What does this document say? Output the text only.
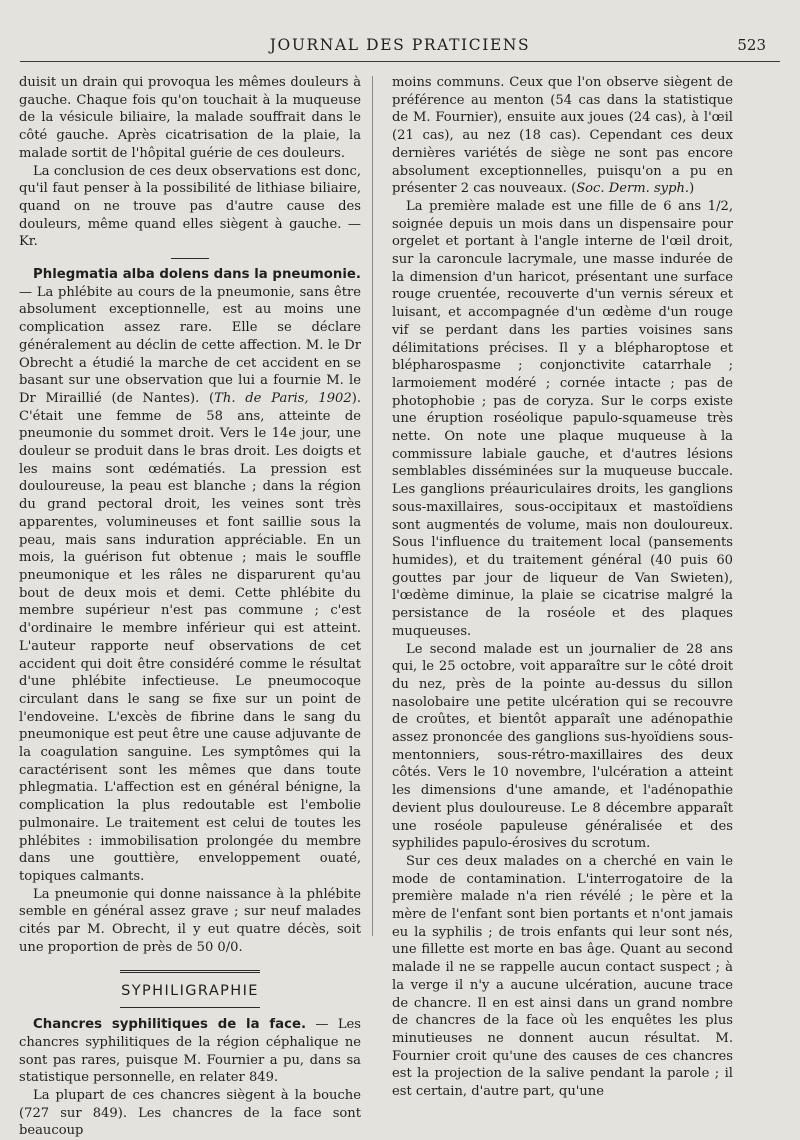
JOURNAL DES PRATICIENS	523

duisit un drain qui provoqua les mêmes douleurs à gauche. Chaque fois qu'on touchait à la muqueuse de la vésicule biliaire, la malade souffrait dans le côté gauche. Après cicatrisation de la plaie, la malade sortit de l'hôpital guérie de ces douleurs.

La conclusion de ces deux observations est donc, qu'il faut penser à la possibilité de lithiase biliaire, quand on ne trouve pas d'autre cause des douleurs, même quand elles siègent à gauche. — Kr.

Phlegmatia alba dolens dans la pneumonie. — La phlébite au cours de la pneumonie, sans être absolument exceptionnelle, est au moins une complication assez rare. Elle se déclare généralement au déclin de cette affection. M. le Dr Obrecht a étudié la marche de cet accident en se basant sur une observation que lui a fournie M. le Dr Miraillié (de Nantes). (Th. de Paris, 1902). C'était une femme de 58 ans, atteinte de pneumonie du sommet droit. Vers le 14e jour, une douleur se produit dans le bras droit. Les doigts et les mains sont œdématiés. La pression est douloureuse, la peau est blanche ; dans la région du grand pectoral droit, les veines sont très apparentes, volumineuses et font saillie sous la peau, mais sans induration appréciable. En un mois, la guérison fut obtenue ; mais le souffle pneumonique et les râles ne disparurent qu'au bout de deux mois et demi. Cette phlébite du membre supérieur n'est pas commune ; c'est d'ordinaire le membre inférieur qui est atteint. L'auteur rapporte neuf observations de cet accident qui doit être considéré comme le résultat d'une phlébite infectieuse. Le pneumocoque circulant dans le sang se fixe sur un point de l'endoveine. L'excès de fibrine dans le sang du pneumonique est peut être une cause adjuvante de la coagulation sanguine. Les symptômes qui la caractérisent sont les mêmes que dans toute phlegmatia. L'affection est en général bénigne, la complication la plus redoutable est l'embolie pulmonaire. Le traitement est celui de toutes les phlébites : immobilisation prolongée du membre dans une gouttière, enveloppement ouaté, topiques calmants.

La pneumonie qui donne naissance à la phlébite semble en général assez grave ; sur neuf malades cités par M. Obrecht, il y eut quatre décès, soit une proportion de près de 50 0/0.

SYPHILIGRAPHIE

Chancres syphilitiques de la face. — Les chancres syphilitiques de la région céphalique ne sont pas rares, puisque M. Fournier a pu, dans sa statistique personnelle, en relater 849.

La plupart de ces chancres siègent à la bouche (727 sur 849). Les chancres de la face sont beaucoup

moins communs. Ceux que l'on observe siègent de préférence au menton (54 cas dans la statistique de M. Fournier), ensuite aux joues (24 cas), à l'œil (21 cas), au nez (18 cas). Cependant ces deux dernières variétés de siège ne sont pas encore absolument exceptionnelles, puisqu'on a pu en présenter 2 cas nouveaux. (Soc. Derm. syph.)

La première malade est une fille de 6 ans 1/2, soignée depuis un mois dans un dispensaire pour orgelet et portant à l'angle interne de l'œil droit, sur la caroncule lacrymale, une masse indurée de la dimension d'un haricot, présentant une surface rouge cruentée, recouverte d'un vernis séreux et luisant, et accompagnée d'un œdème d'un rouge vif se perdant dans les parties voisines sans délimitations précises. Il y a blépharoptose et blépharospasme ; conjonctivite catarrhale ; larmoiement modéré ; cornée intacte ; pas de photophobie ; pas de coryza. Sur le corps existe une éruption roséolique papulo-squameuse très nette. On note une plaque muqueuse à la commissure labiale gauche, et d'autres lésions semblables disséminées sur la muqueuse buccale. Les ganglions préauriculaires droits, les ganglions sous-maxillaires, sous-occipitaux et mastoïdiens sont augmentés de volume, mais non douloureux. Sous l'influence du traitement local (pansements humides), et du traitement général (40 puis 60 gouttes par jour de liqueur de Van Swieten), l'œdème diminue, la plaie se cicatrise malgré la persistance de la roséole et des plaques muqueuses.

Le second malade est un journalier de 28 ans qui, le 25 octobre, voit apparaître sur le côté droit du nez, près de la pointe au-dessus du sillon nasolobaire une petite ulcération qui se recouvre de croûtes, et bientôt apparaît une adénopathie assez prononcée des ganglions sus-hyoïdiens sous-mentonniers, sous-rétro-maxillaires des deux côtés. Vers le 10 novembre, l'ulcération a atteint les dimensions d'une amande, et l'adénopathie devient plus douloureuse. Le 8 décembre apparaît une roséole papuleuse généralisée et des syphilides papulo-érosives du scrotum.

Sur ces deux malades on a cherché en vain le mode de contamination. L'interrogatoire de la première malade n'a rien révélé ; le père et la mère de l'enfant sont bien portants et n'ont jamais eu la syphilis ; de trois enfants qui leur sont nés, une fillette est morte en bas âge. Quant au second malade il ne se rappelle aucun contact suspect ; à la verge il n'y a aucune ulcération, aucune trace de chancre. Il en est ainsi dans un grand nombre de chancres de la face où les enquêtes les plus minutieuses ne donnent aucun résultat. M. Fournier croit qu'une des causes de ces chancres est la projection de la salive pendant la parole ; il est certain, d'autre part, qu'une
